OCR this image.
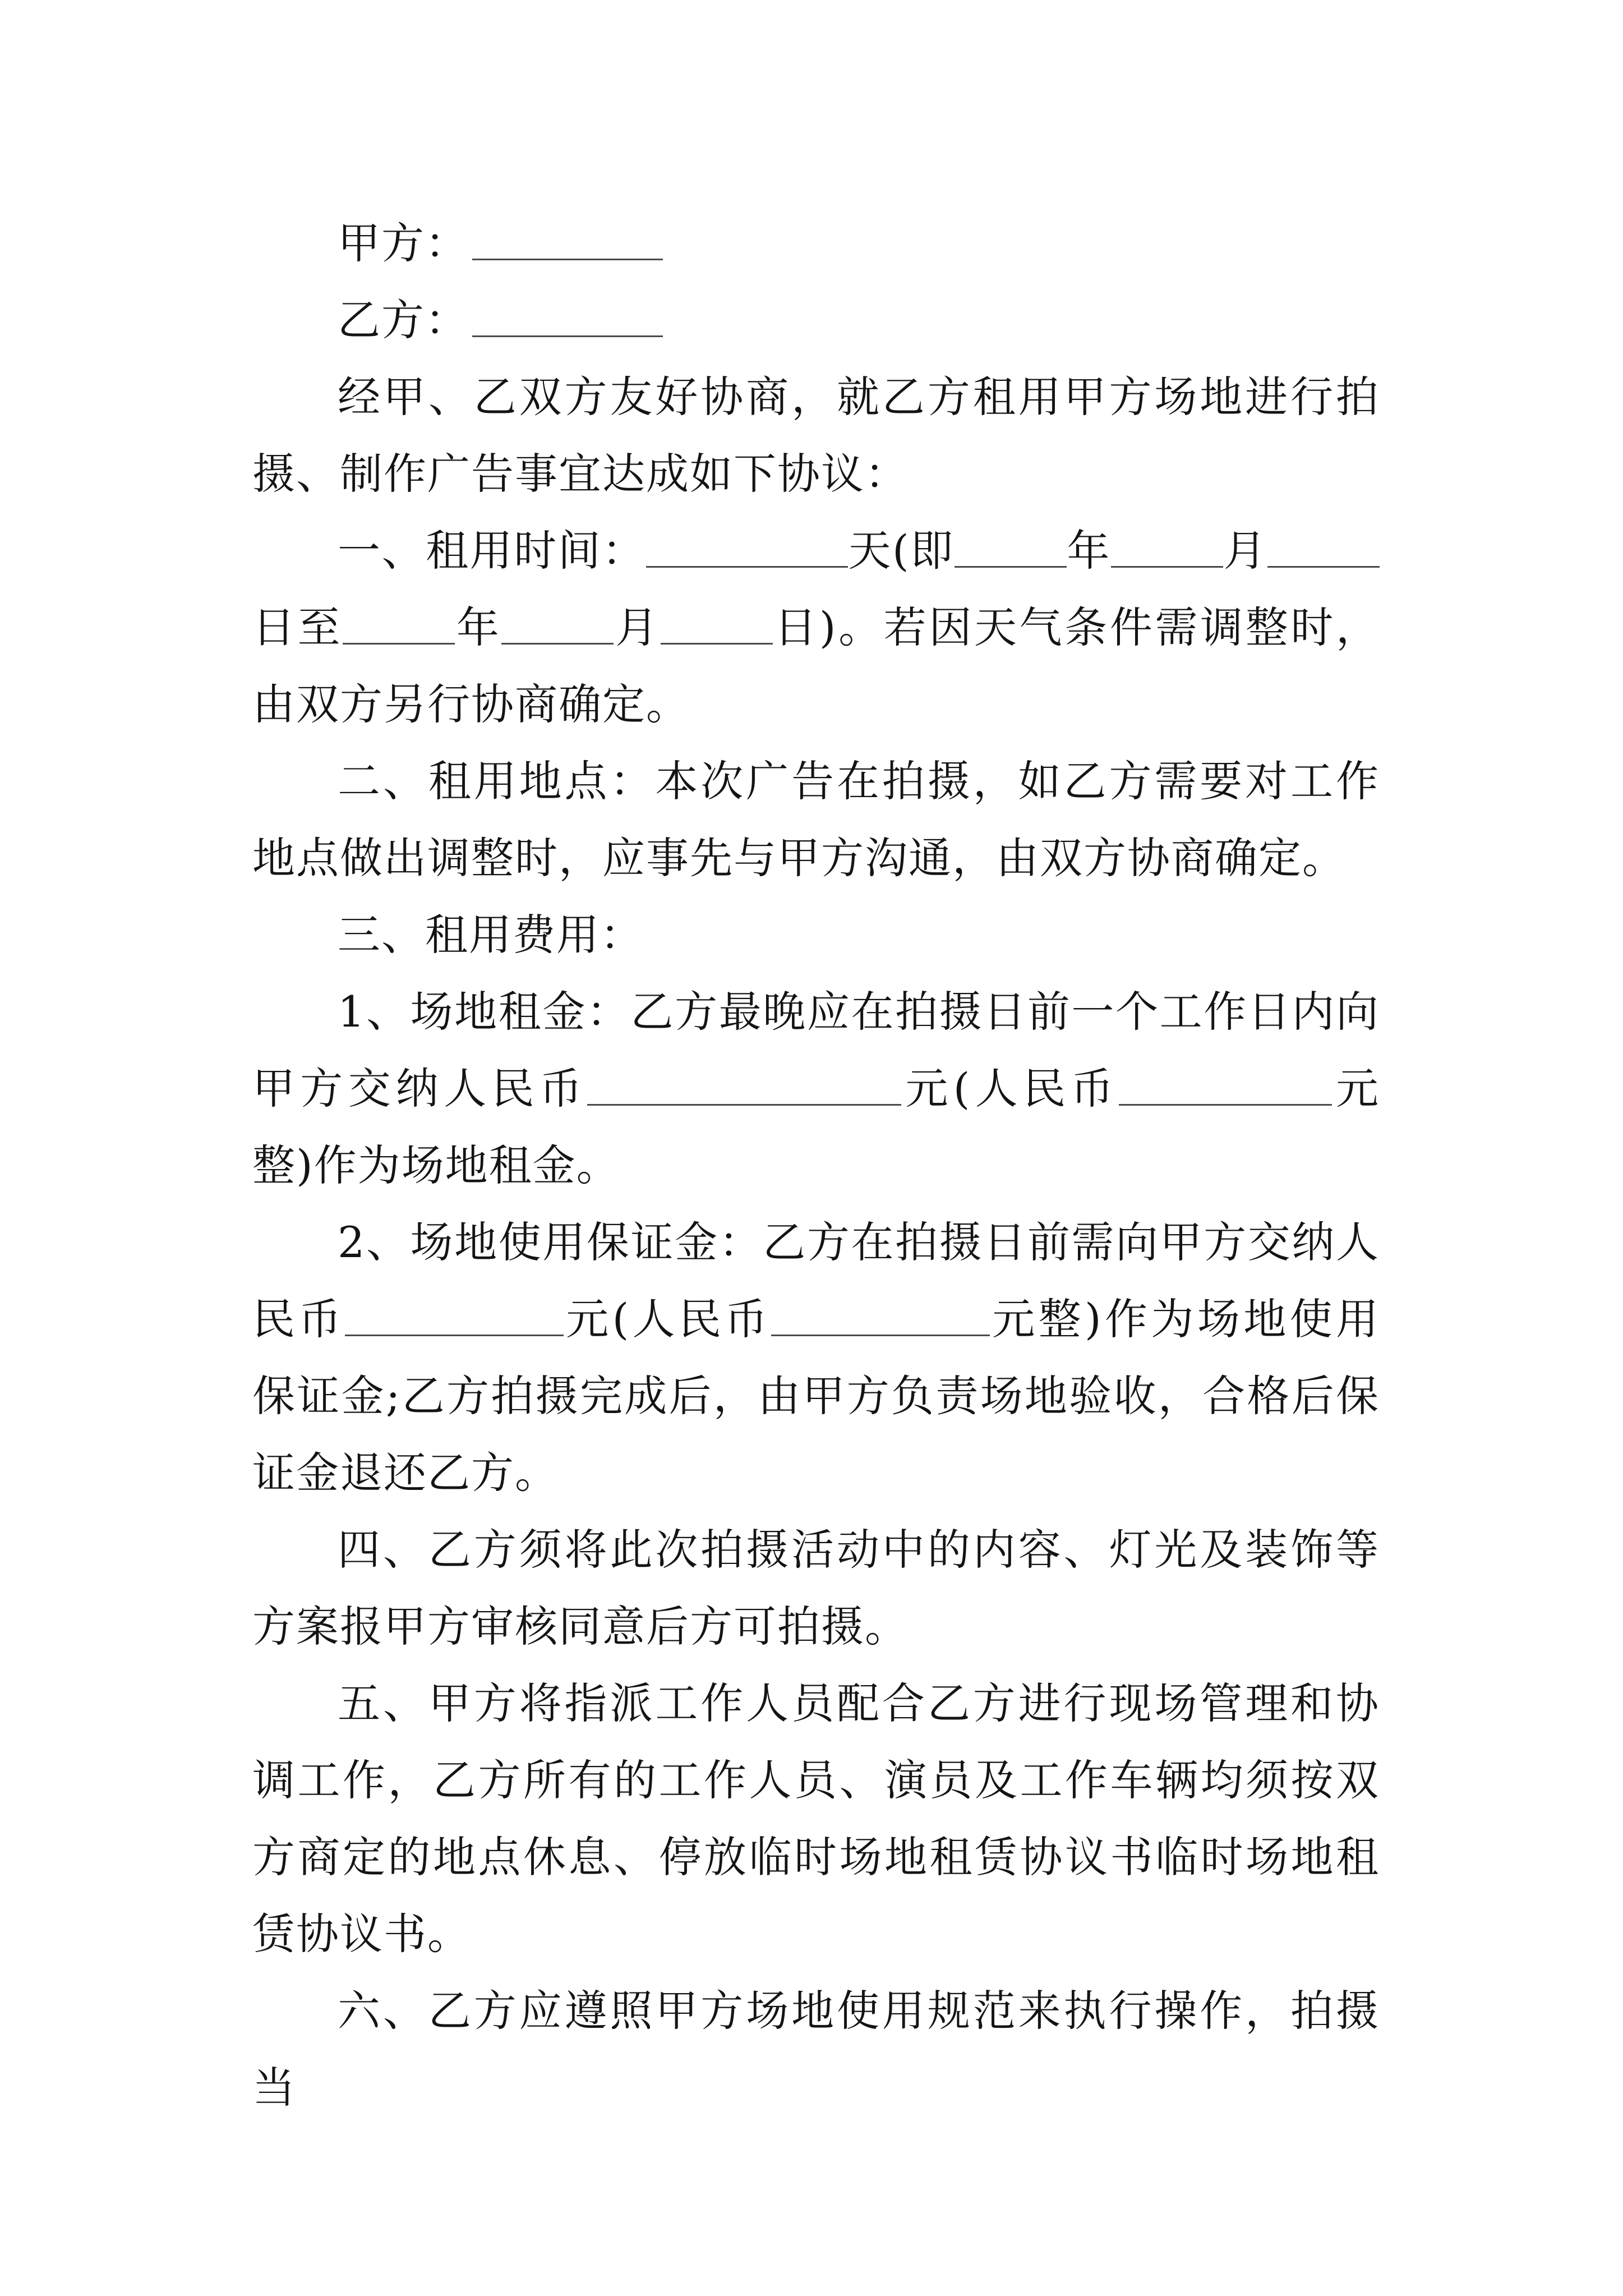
甲方：

乙方：

经甲、乙双方友好协商，就乙方租用甲方场地进行拍摄、制作广告事宜达成如下协议：

一、租用时间：	天(即	年	月日至	年	月	日)。若因天气条件需调整时，由双方另行协商确定。

二、租用地点：本次广告在拍摄，如乙方需要对工作地点做出调整时，应事先与甲方沟通，由双方协商确定。

三、租用费用：

1、场地租金：乙方最晚应在拍摄日前一个工作日内向甲方交纳人民币	元(人民币	元整)作为场地租金。

2、场地使用保证金：乙方在拍摄日前需向甲方交纳人民币	元(人民币	元整)作为场地使用保证金;乙方拍摄完成后，由甲方负责场地验收，合格后保证金退还乙方。

四、乙方须将此次拍摄活动中的内容、灯光及装饰等方案报甲方审核同意后方可拍摄。

五、甲方将指派工作人员配合乙方进行现场管理和协调工作，乙方所有的工作人员、演员及工作车辆均须按双方商定的地点休息、停放临时场地租赁协议书临时场地租赁协议书。

六、乙方应遵照甲方场地使用规范来执行操作，拍摄当
